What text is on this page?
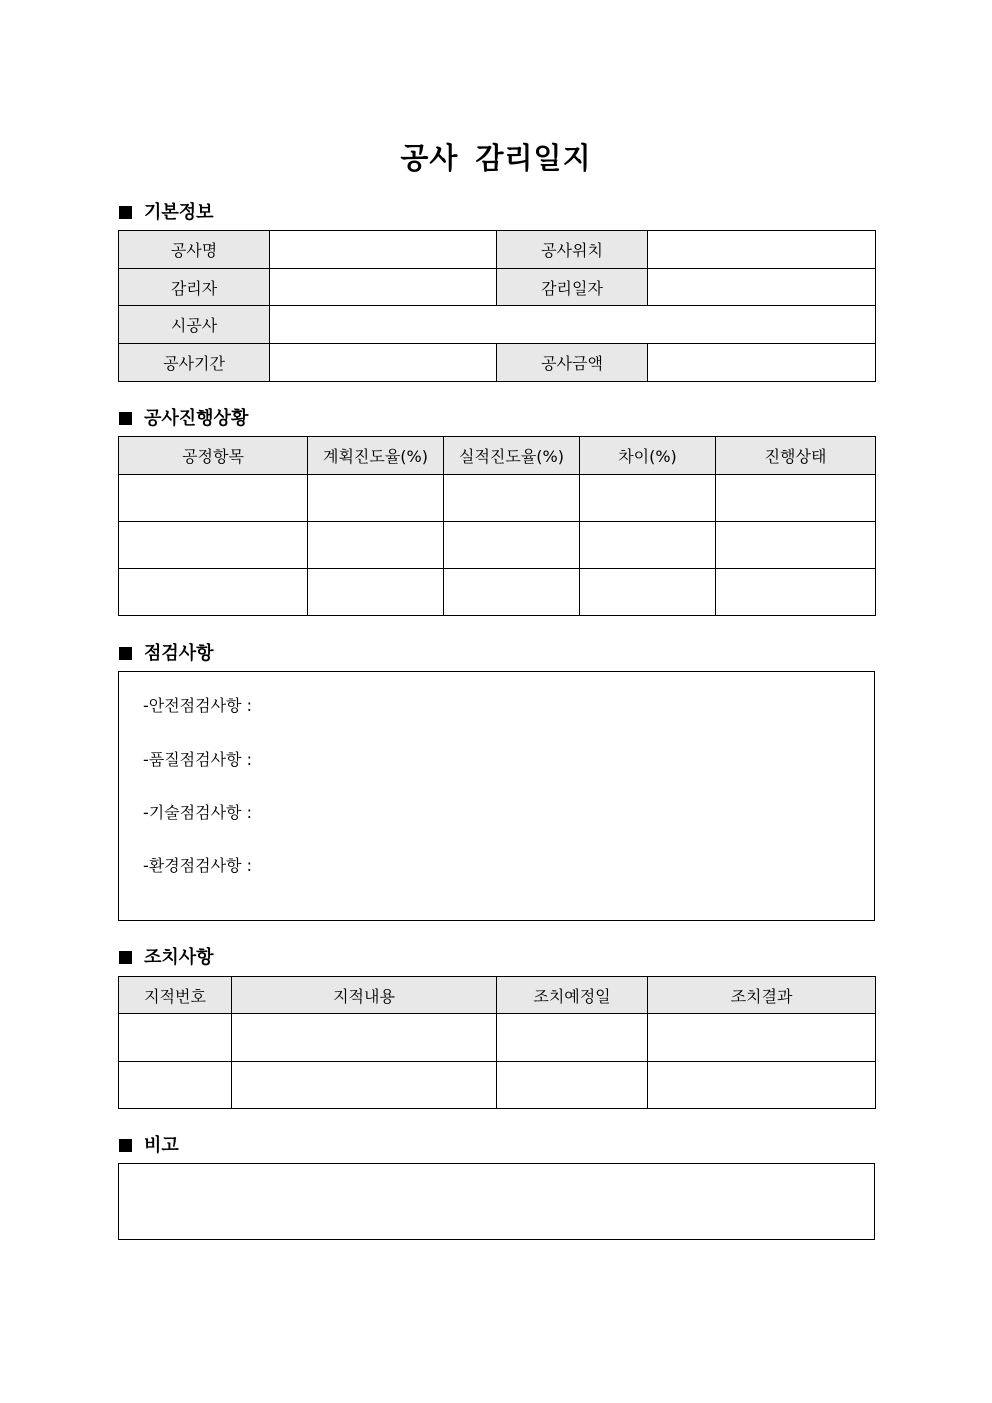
공사 감리일지
기본정보
공사명		공사위치	
감리자		감리일자	
시공사			
공사기간		공사금액	
공사진행상황
공정항목	계획진도율(%)	실적진도율(%)	차이(%)	진행상태

점검사항
-안전점검사항 :
-품질점검사항 :
-기술점검사항 :
-환경점검사항 :
조치사항
지적번호	지적내용	조치예정일	조치결과

비고
